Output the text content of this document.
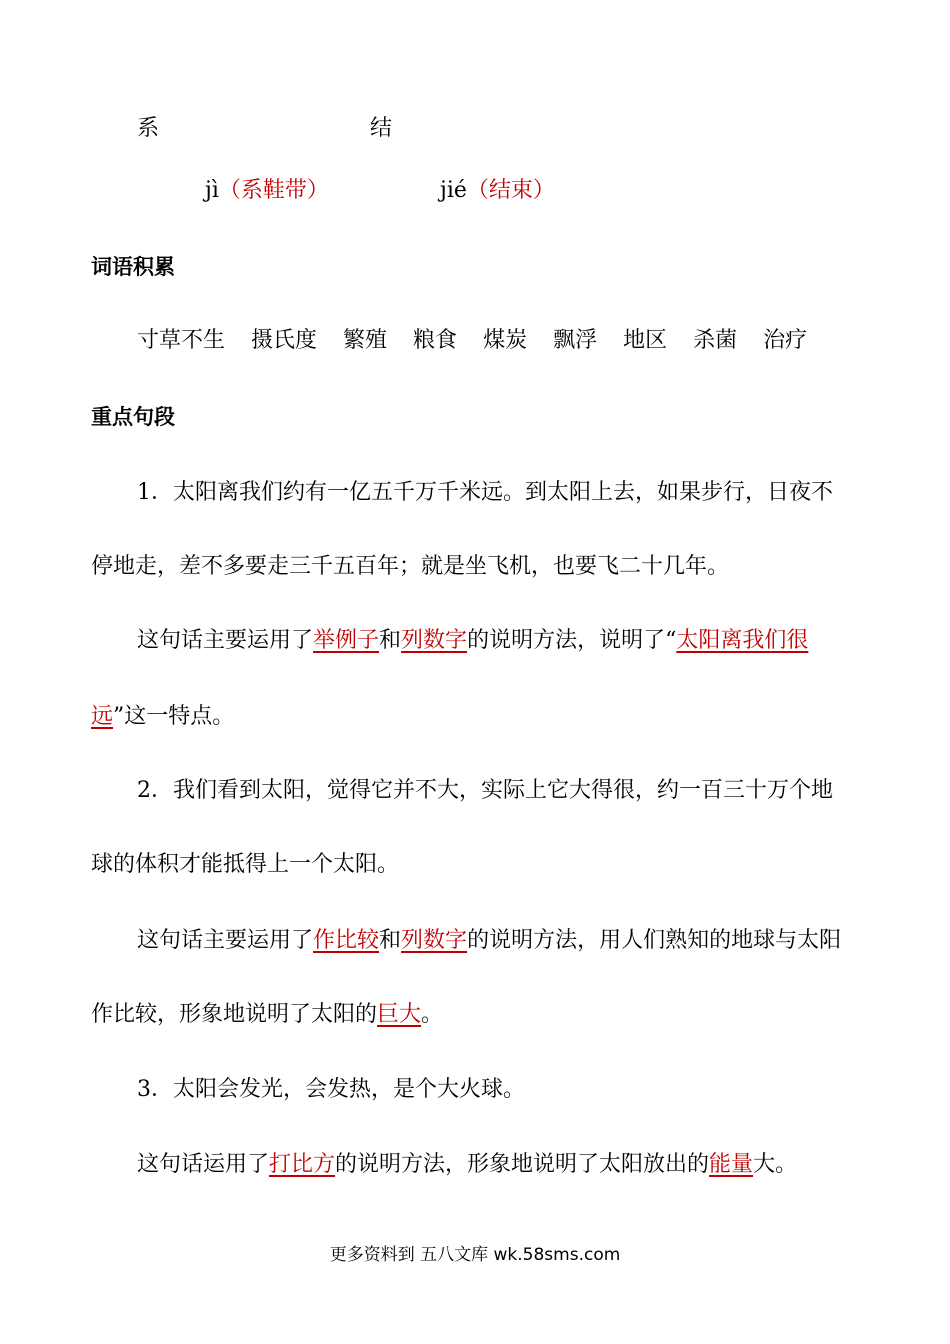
系	结
jì（系鞋带）	jié（结束）
词语积累
寸草不生 摄氏度 繁殖 粮食 煤炭 飘浮 地区 杀菌 治疗
重点句段
1．太阳离我们约有一亿五千万千米远。到太阳上去，如果步行，日夜不
停地走，差不多要走三千五百年；就是坐飞机，也要飞二十几年。
这句话主要运用了举例子和列数字的说明方法，说明了“太阳离我们很
远”这一特点。
2．我们看到太阳，觉得它并不大，实际上它大得很，约一百三十万个地
球的体积才能抵得上一个太阳。
这句话主要运用了作比较和列数字的说明方法，用人们熟知的地球与太阳
作比较，形象地说明了太阳的巨大。
3．太阳会发光，会发热，是个大火球。
这句话运用了打比方的说明方法，形象地说明了太阳放出的能量大。
更多资料到 五八文库 wk.58sms.com
